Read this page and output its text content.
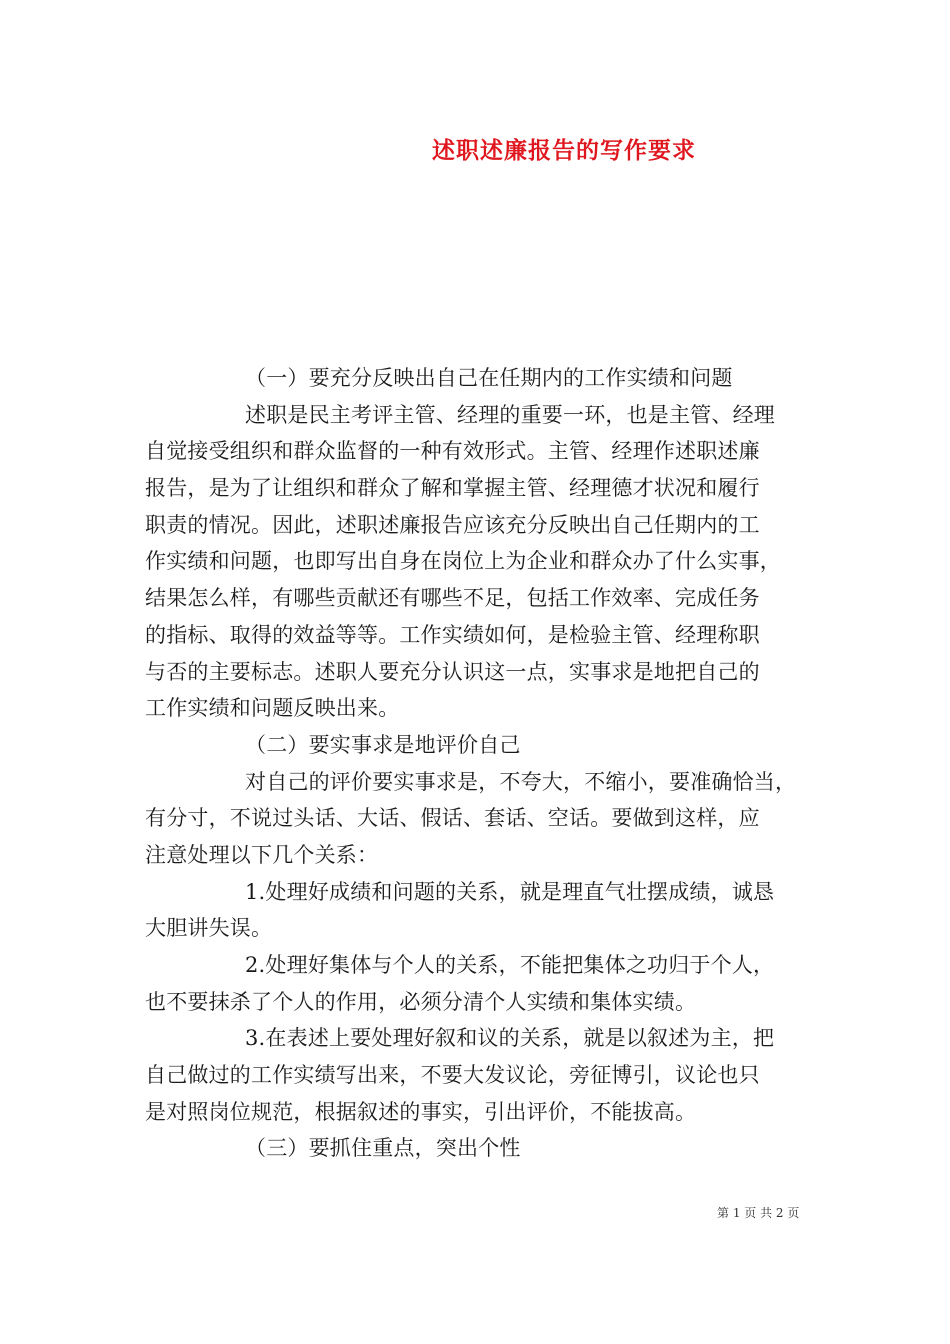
述职述廉报告的写作要求
（一）要充分反映出自己在任期内的工作实绩和问题
述职是民主考评主管、经理的重要一环，也是主管、经理
自觉接受组织和群众监督的一种有效形式。主管、经理作述职述廉
报告，是为了让组织和群众了解和掌握主管、经理德才状况和履行
职责的情况。因此，述职述廉报告应该充分反映出自己任期内的工
作实绩和问题，也即写出自身在岗位上为企业和群众办了什么实事，
结果怎么样，有哪些贡献还有哪些不足，包括工作效率、完成任务
的指标、取得的效益等等。工作实绩如何，是检验主管、经理称职
与否的主要标志。述职人要充分认识这一点，实事求是地把自己的
工作实绩和问题反映出来。
（二）要实事求是地评价自己
对自己的评价要实事求是，不夸大，不缩小，要准确恰当，
有分寸，不说过头话、大话、假话、套话、空话。要做到这样，应
注意处理以下几个关系：
1.处理好成绩和问题的关系，就是理直气壮摆成绩，诚恳
大胆讲失误。
2.处理好集体与个人的关系，不能把集体之功归于个人，
也不要抹杀了个人的作用，必须分清个人实绩和集体实绩。
3.在表述上要处理好叙和议的关系，就是以叙述为主，把
自己做过的工作实绩写出来，不要大发议论，旁征博引，议论也只
是对照岗位规范，根据叙述的事实，引出评价，不能拔高。
（三）要抓住重点，突出个性
第 1 页 共 2 页
